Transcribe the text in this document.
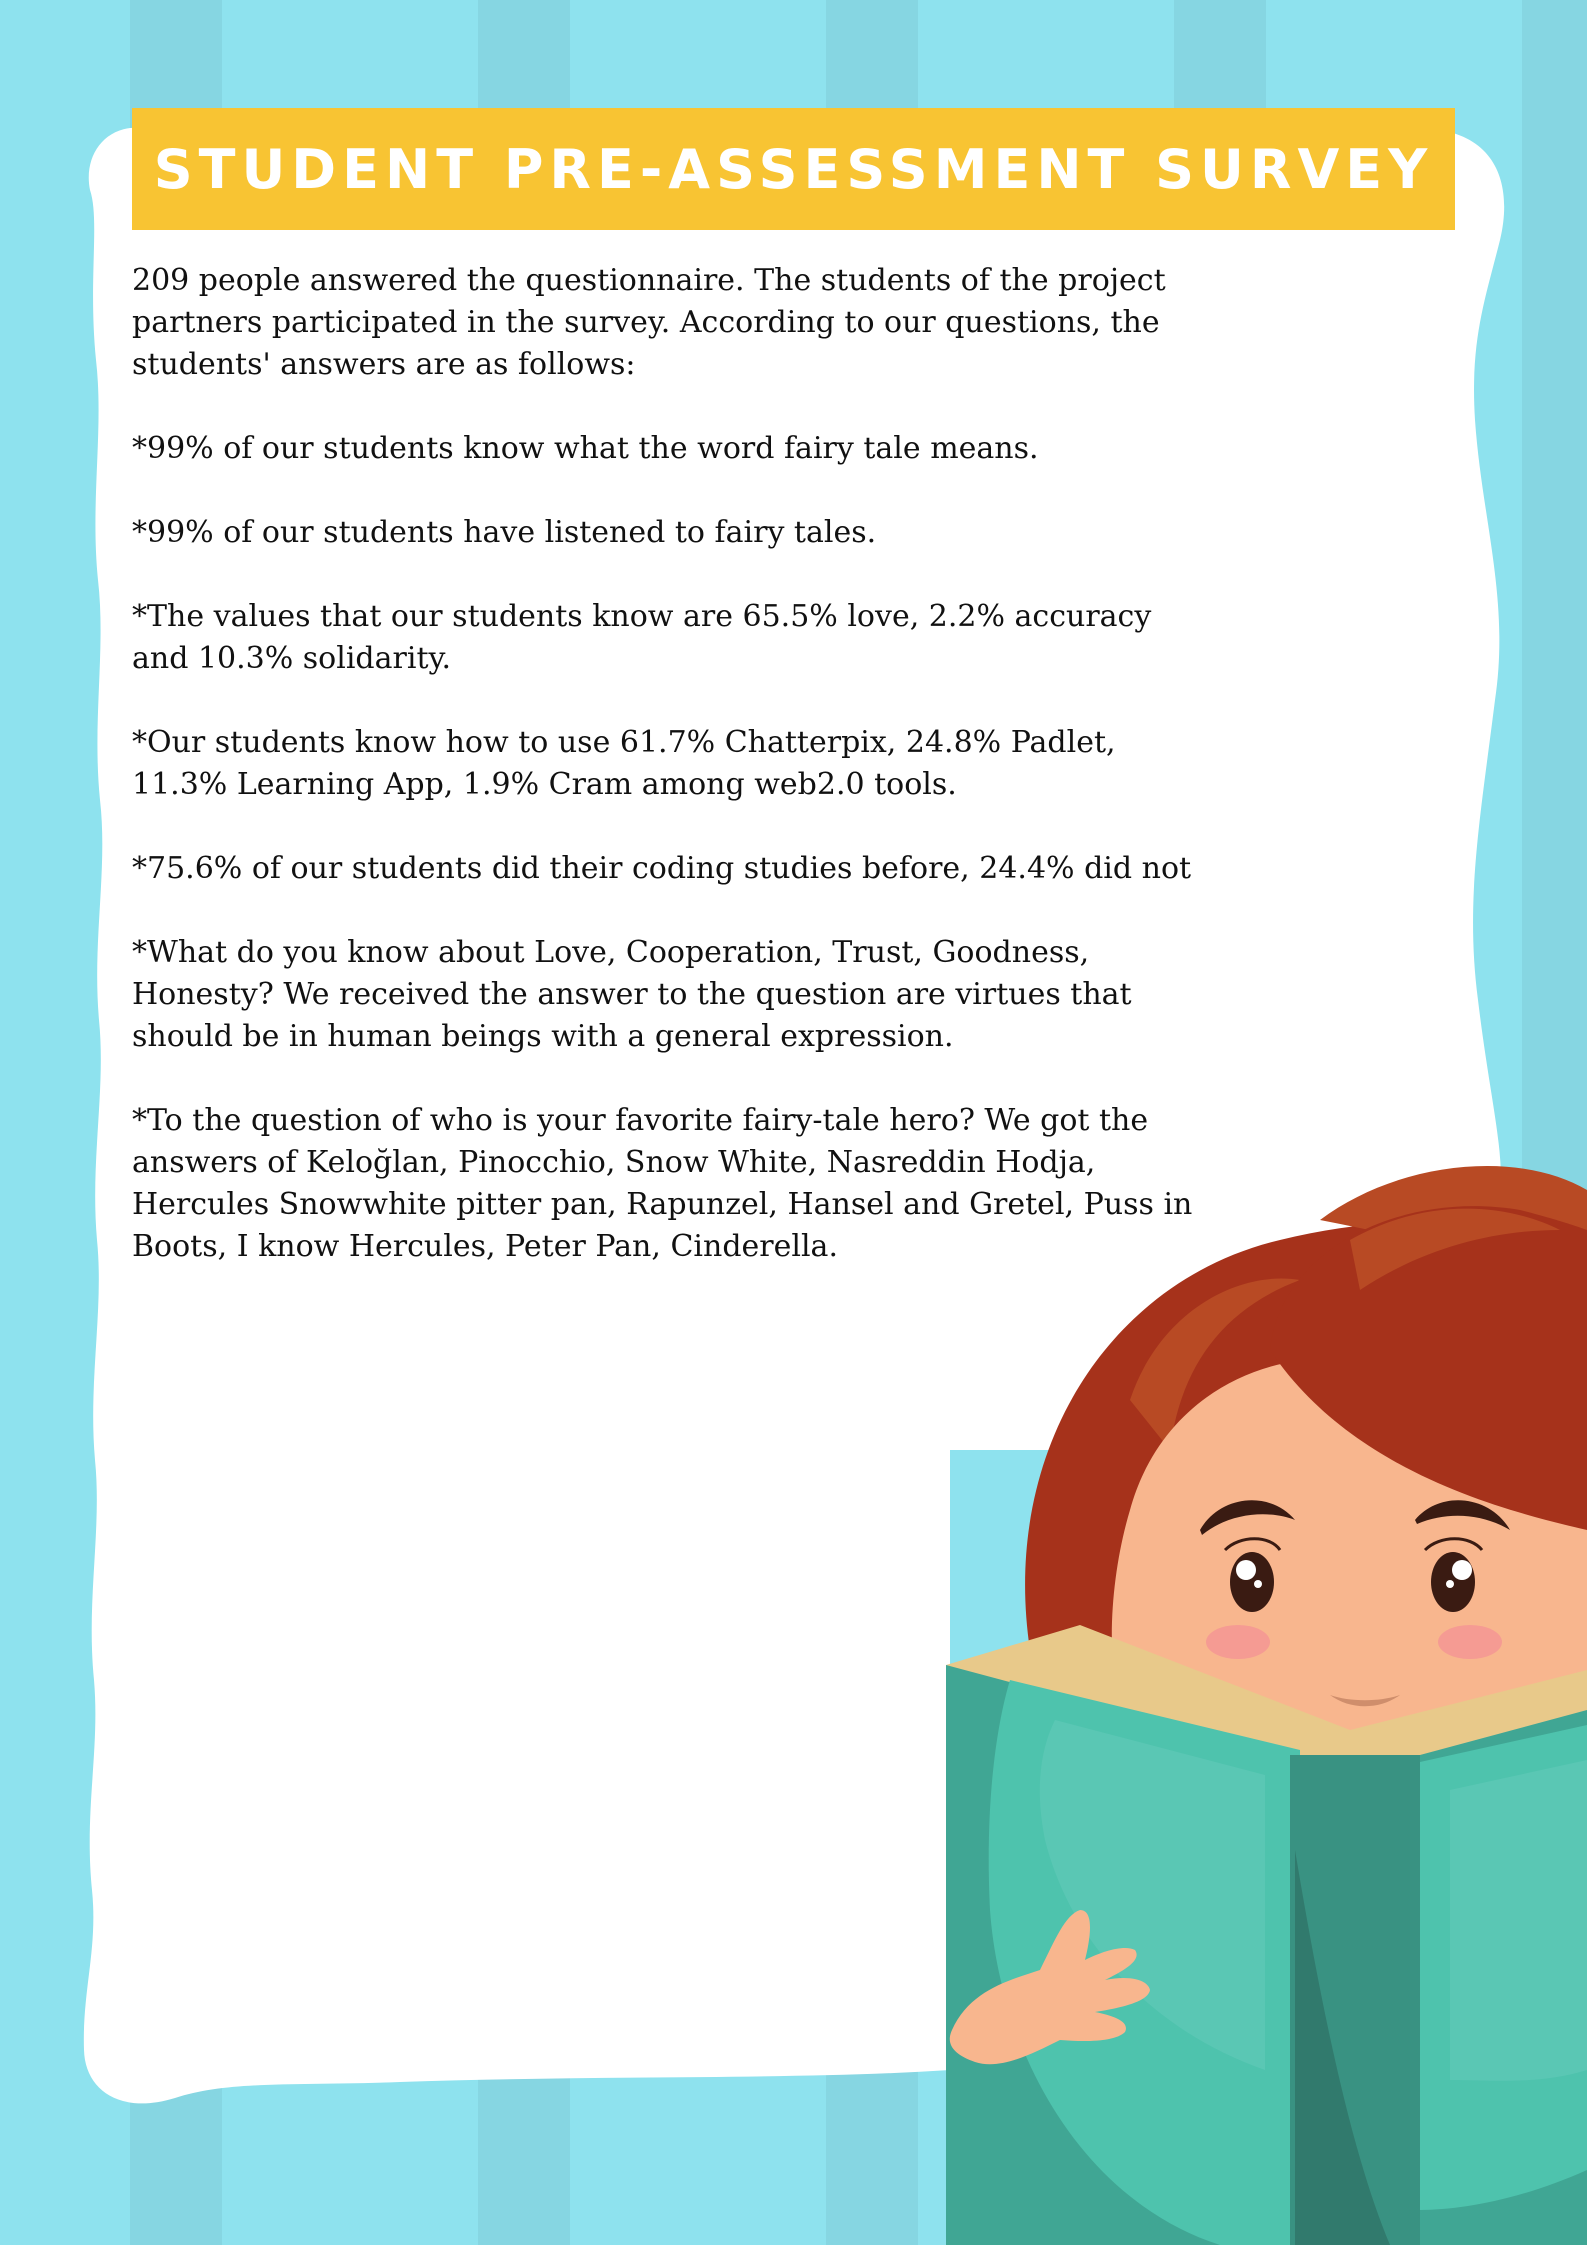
STUDENT PRE-ASSESSMENT SURVEY

209 people answered the questionnaire. The students of the project
partners participated in the survey. According to our questions, the
students' answers are as follows:

*99% of our students know what the word fairy tale means.

*99% of our students have listened to fairy tales.

*The values that our students know are 65.5% love, 2.2% accuracy
and 10.3% solidarity.

*Our students know how to use 61.7% Chatterpix, 24.8% Padlet,
11.3% Learning App, 1.9% Cram among web2.0 tools.

*75.6% of our students did their coding studies before, 24.4% did not

*What do you know about Love, Cooperation, Trust, Goodness,
Honesty? We received the answer to the question are virtues that
should be in human beings with a general expression.

*To the question of who is your favorite fairy-tale hero? We got the
answers of Keloğlan, Pinocchio, Snow White, Nasreddin Hodja,
Hercules Snowwhite pitter pan, Rapunzel, Hansel and Gretel, Puss in
Boots, I know Hercules, Peter Pan, Cinderella.
